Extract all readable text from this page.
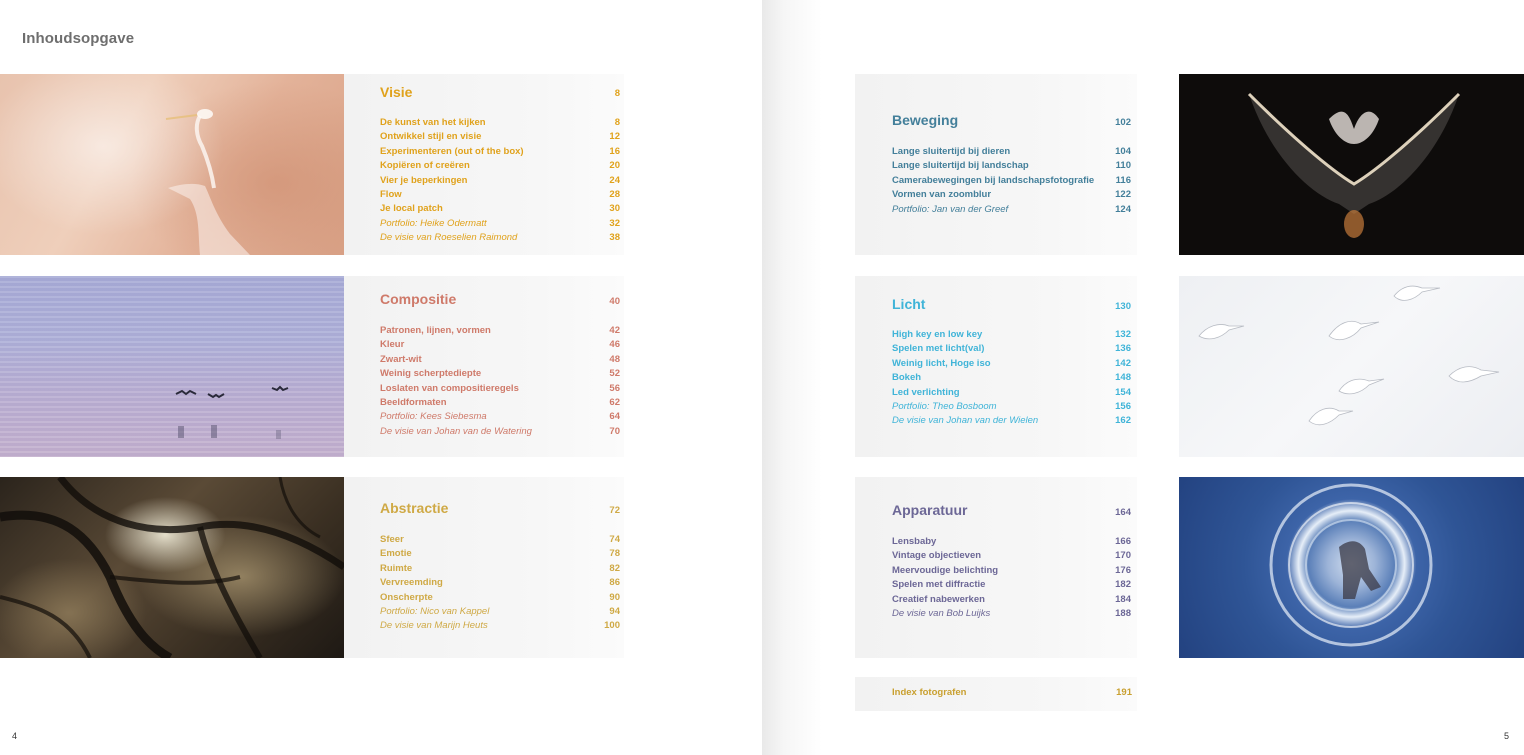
Inhoudsopgave
4	5
Visie	8
De kunst van het kijken	8
Ontwikkel stijl en visie	12
Experimenteren (out of the box)	16
Kopiëren of creëren	20
Vier je beperkingen	24
Flow	28
Je local patch	30
Portfolio: Heike Odermatt	32
De visie van Roeselien Raimond	38
Compositie	40
Patronen, lijnen, vormen	42
Kleur	46
Zwart-wit	48
Weinig scherptediepte	52
Loslaten van compositieregels	56
Beeldformaten	62
Portfolio: Kees Siebesma	64
De visie van Johan van de Watering	70
Abstractie	72
Sfeer	74
Emotie	78
Ruimte	82
Vervreemding	86
Onscherpte	90
Portfolio: Nico van Kappel	94
De visie van Marijn Heuts	100
Beweging	102
Lange sluitertijd bij dieren	104
Lange sluitertijd bij landschap	110
Camerabewegingen bij landschapsfotografie	116
Vormen van zoomblur	122
Portfolio: Jan van der Greef	124
Licht	130
High key en low key	132
Spelen met licht(val)	136
Weinig licht, Hoge iso	142
Bokeh	148
Led verlichting	154
Portfolio: Theo Bosboom	156
De visie van Johan van der Wielen	162
Apparatuur	164
Lensbaby	166
Vintage objectieven	170
Meervoudige belichting	176
Spelen met diffractie	182
Creatief nabewerken	184
De visie van Bob Luijks	188
Index fotografen	191
